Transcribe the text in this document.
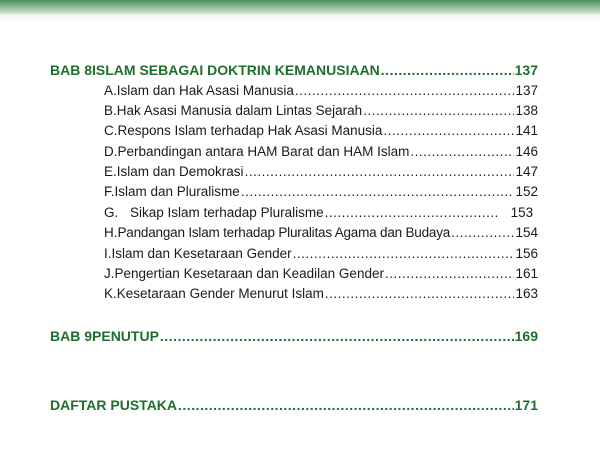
BAB 8 ISLAM SEBAGAI DOKTRIN KEMANUSIAAN .....	137
A. Islam dan Hak Asasi Manusia .....	137
B. Hak Asasi Manusia dalam Lintas Sejarah .....	138
C. Respons Islam terhadap Hak Asasi Manusia .....	141
D. Perbandingan antara HAM Barat dan HAM Islam .....	146
E. Islam dan Demokrasi .....	147
F. Islam dan Pluralisme .....	152
G. Sikap Islam terhadap Pluralisme .....	153
H. Pandangan Islam terhadap Pluralitas Agama dan Budaya .....	154
I. Islam dan Kesetaraan Gender .....	156
J. Pengertian Kesetaraan dan Keadilan Gender .....	161
K. Kesetaraan Gender Menurut Islam .....	163
BAB 9 PENUTUP .....	169
DAFTAR PUSTAKA .....	171
